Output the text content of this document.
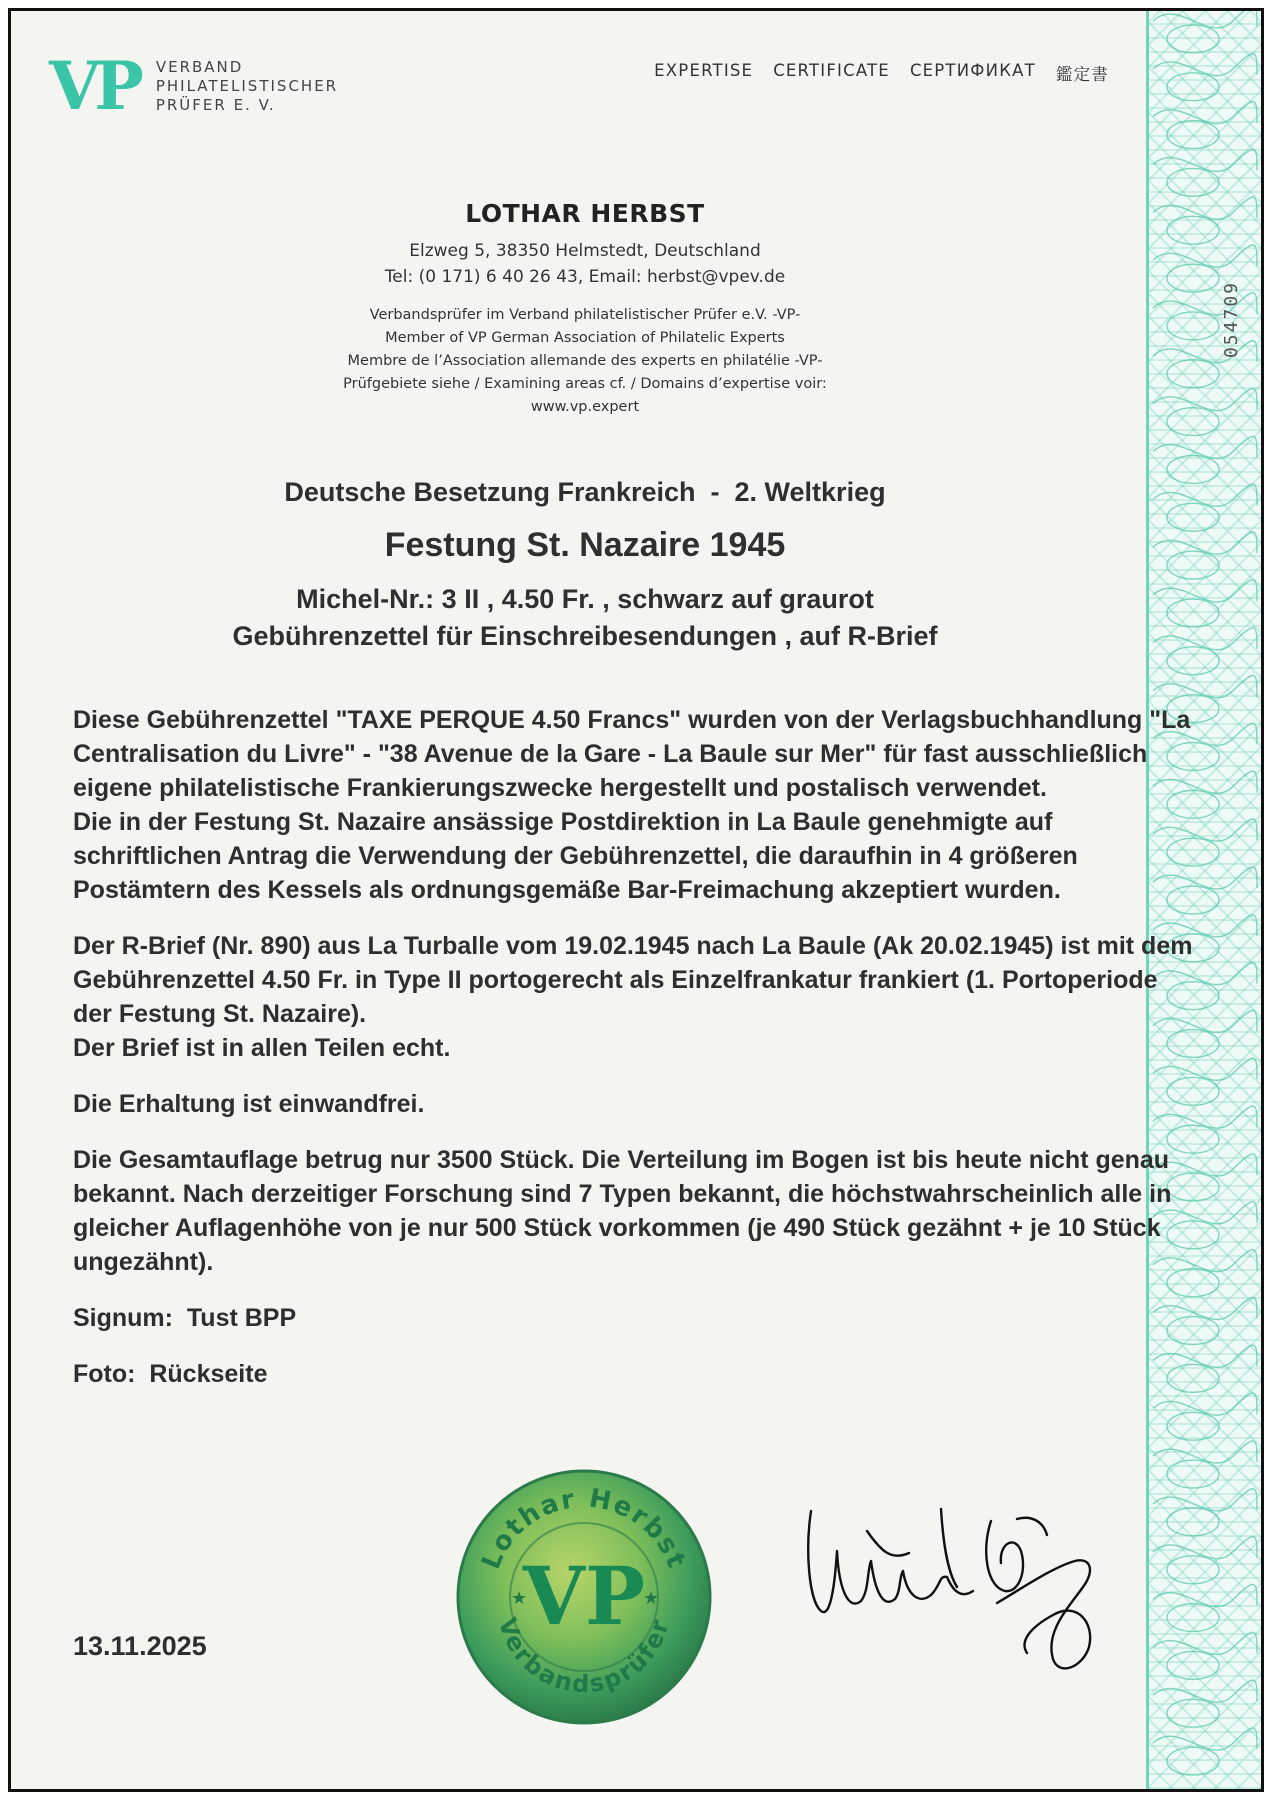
054709
VP VERBAND
PHILATELISTISCHER
PRÜFER E. V.
EXPERTISE CERTIFICATE СЕРТИФИКАТ 鑑定書
LOTHAR HERBST
Elzweg 5, 38350 Helmstedt, Deutschland
Tel: (0 171) 6 40 26 43, Email: herbst@vpev.de
Verbandsprüfer im Verband philatelistischer Prüfer e.V. -VP-
Member of VP German Association of Philatelic Experts
Membre de l’Association allemande des experts en philatélie -VP-
Prüfgebiete siehe / Examining areas cf. / Domains d’expertise voir:
www.vp.expert
Deutsche Besetzung Frankreich  -  2. Weltkrieg
Festung St. Nazaire 1945
Michel-Nr.: 3 II , 4.50 Fr. , schwarz auf graurot
Gebührenzettel für Einschreibesendungen , auf R-Brief

Diese Gebührenzettel "TAXE PERQUE 4.50 Francs" wurden von der Verlagsbuchhandlung "La Centralisation du Livre" - "38 Avenue de la Gare - La Baule sur Mer" für fast ausschließlich eigene philatelistische Frankierungszwecke hergestellt und postalisch verwendet.
Die in der Festung St. Nazaire ansässige Postdirektion in La Baule genehmigte auf schriftlichen Antrag die Verwendung der Gebührenzettel, die daraufhin in 4 größeren Postämtern des Kessels als ordnungsgemäße Bar-Freimachung akzeptiert wurden.

Der R-Brief (Nr. 890) aus La Turballe vom 19.02.1945 nach La Baule (Ak 20.02.1945) ist mit dem Gebührenzettel 4.50 Fr. in Type II portogerecht als Einzelfrankatur frankiert (1. Portoperiode der Festung St. Nazaire).
Der Brief ist in allen Teilen echt.

Die Erhaltung ist einwandfrei.

Die Gesamtauflage betrug nur 3500 Stück. Die Verteilung im Bogen ist bis heute nicht genau bekannt. Nach derzeitiger Forschung sind 7 Typen bekannt, die höchstwahrscheinlich alle in gleicher Auflagenhöhe von je nur 500 Stück vorkommen (je 490 Stück gezähnt + je 10 Stück ungezähnt).

Signum:  Tust BPP

Foto:  Rückseite

13.11.2025
Lothar Herbst
Verbandsprüfer
VP
★	★
